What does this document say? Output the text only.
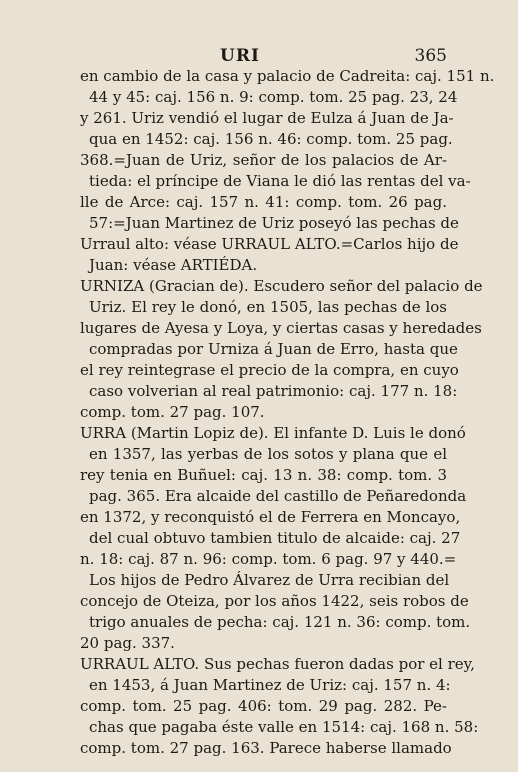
URI	365
en cambio de la casa y palacio de Cadreita: caj. 151 n.
44 y 45: caj. 156 n. 9: comp. tom. 25 pag. 23, 24
y 261. Uriz vendió el lugar de Eulza á Juan de Ja-
qua en 1452: caj. 156 n. 46: comp. tom. 25 pag.
368.=Juan de Uriz, señor de los palacios de Ar-
tieda: el príncipe de Viana le dió las rentas del va-
lle de Arce: caj. 157 n. 41: comp. tom. 26 pag.
57:=Juan Martinez de Uriz poseyó las pechas de
Urraul alto: véase URRAUL ALTO.=Carlos hijo de
Juan: véase ARTIÉDA.
URNIZA (Gracian de). Escudero señor del palacio de
Uriz. El rey le donó, en 1505, las pechas de los
lugares de Ayesa y Loya, y ciertas casas y heredades
compradas por Urniza á Juan de Erro, hasta que
el rey reintegrase el precio de la compra, en cuyo
caso volverian al real patrimonio: caj. 177 n. 18:
comp. tom. 27 pag. 107.
URRA (Martin Lopiz de). El infante D. Luis le donó
en 1357, las yerbas de los sotos y plana que el
rey tenia en Buñuel: caj. 13 n. 38: comp. tom. 3
pag. 365. Era alcaide del castillo de Peñaredonda
en 1372, y reconquistó el de Ferrera en Moncayo,
del cual obtuvo tambien titulo de alcaide: caj. 27
n. 18: caj. 87 n. 96: comp. tom. 6 pag. 97 y 440.=
Los hijos de Pedro Álvarez de Urra recibian del
concejo de Oteiza, por los años 1422, seis robos de
trigo anuales de pecha: caj. 121 n. 36: comp. tom.
20 pag. 337.
URRAUL ALTO. Sus pechas fueron dadas por el rey,
en 1453, á Juan Martinez de Uriz: caj. 157 n. 4:
comp. tom. 25 pag. 406: tom. 29 pag. 282. Pe-
chas que pagaba éste valle en 1514: caj. 168 n. 58:
comp. tom. 27 pag. 163. Parece haberse llamado
